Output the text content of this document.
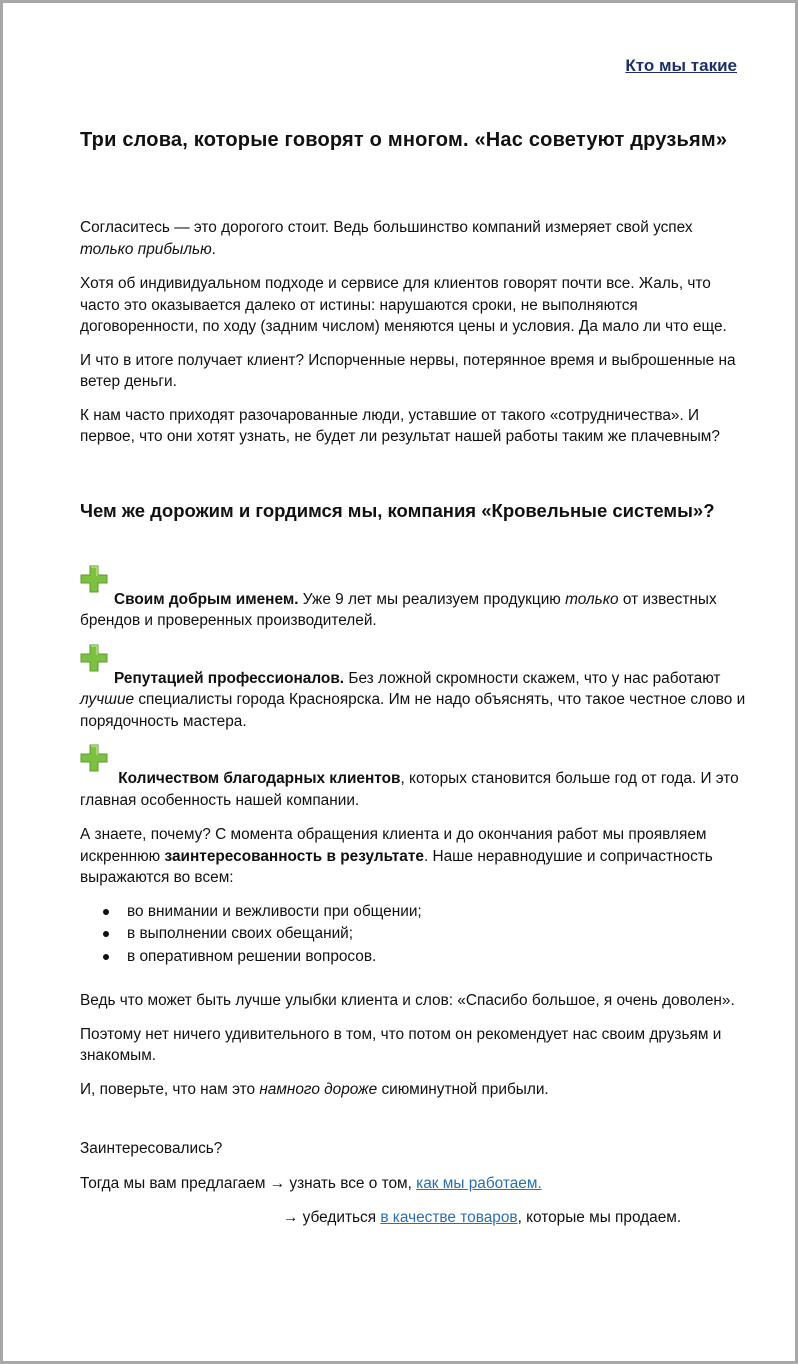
Кто мы такие
Три слова, которые говорят о многом. «Нас советуют друзьям»

Согласитесь — это дорогого стоит. Ведь большинство компаний измеряет свой успех только прибылью.

Хотя об индивидуальном подходе и сервисе для клиентов говорят почти все. Жаль, что часто это оказывается далеко от истины: нарушаются сроки, не выполняются договоренности, по ходу (задним числом) меняются цены и условия. Да мало ли что еще.

И что в итоге получает клиент? Испорченные нервы, потерянное время и выброшенные на ветер деньги.

К нам часто приходят разочарованные люди, уставшие от такого «сотрудничества». И первое, что они хотят узнать, не будет ли результат нашей работы таким же плачевным?

Чем же дорожим и гордимся мы, компания «Кровельные системы»?

Своим добрым именем. Уже 9 лет мы реализуем продукцию только от известных брендов и проверенных производителей.

Репутацией профессионалов. Без ложной скромности скажем, что у нас работают лучшие специалисты города Красноярска. Им не надо объяснять, что такое честное слово и порядочность мастера.

Количеством благодарных клиентов, которых становится больше год от года. И это главная особенность нашей компании.

А знаете, почему? С момента обращения клиента и до окончания работ мы проявляем искреннюю заинтересованность в результате. Наше неравнодушие и сопричастность выражаются во всем:

во внимании и вежливости при общении;
в выполнении своих обещаний;
в оперативном решении вопросов.

Ведь что может быть лучше улыбки клиента и слов: «Спасибо большое, я очень доволен».

Поэтому нет ничего удивительного в том, что потом он рекомендует нас своим друзьям и знакомым.

И, поверьте, что нам это намного дороже сиюминутной прибыли.

Заинтересовались?

Тогда мы вам предлагаем → узнать все о том, как мы работаем.

→ убедиться в качестве товаров, которые мы продаем.
